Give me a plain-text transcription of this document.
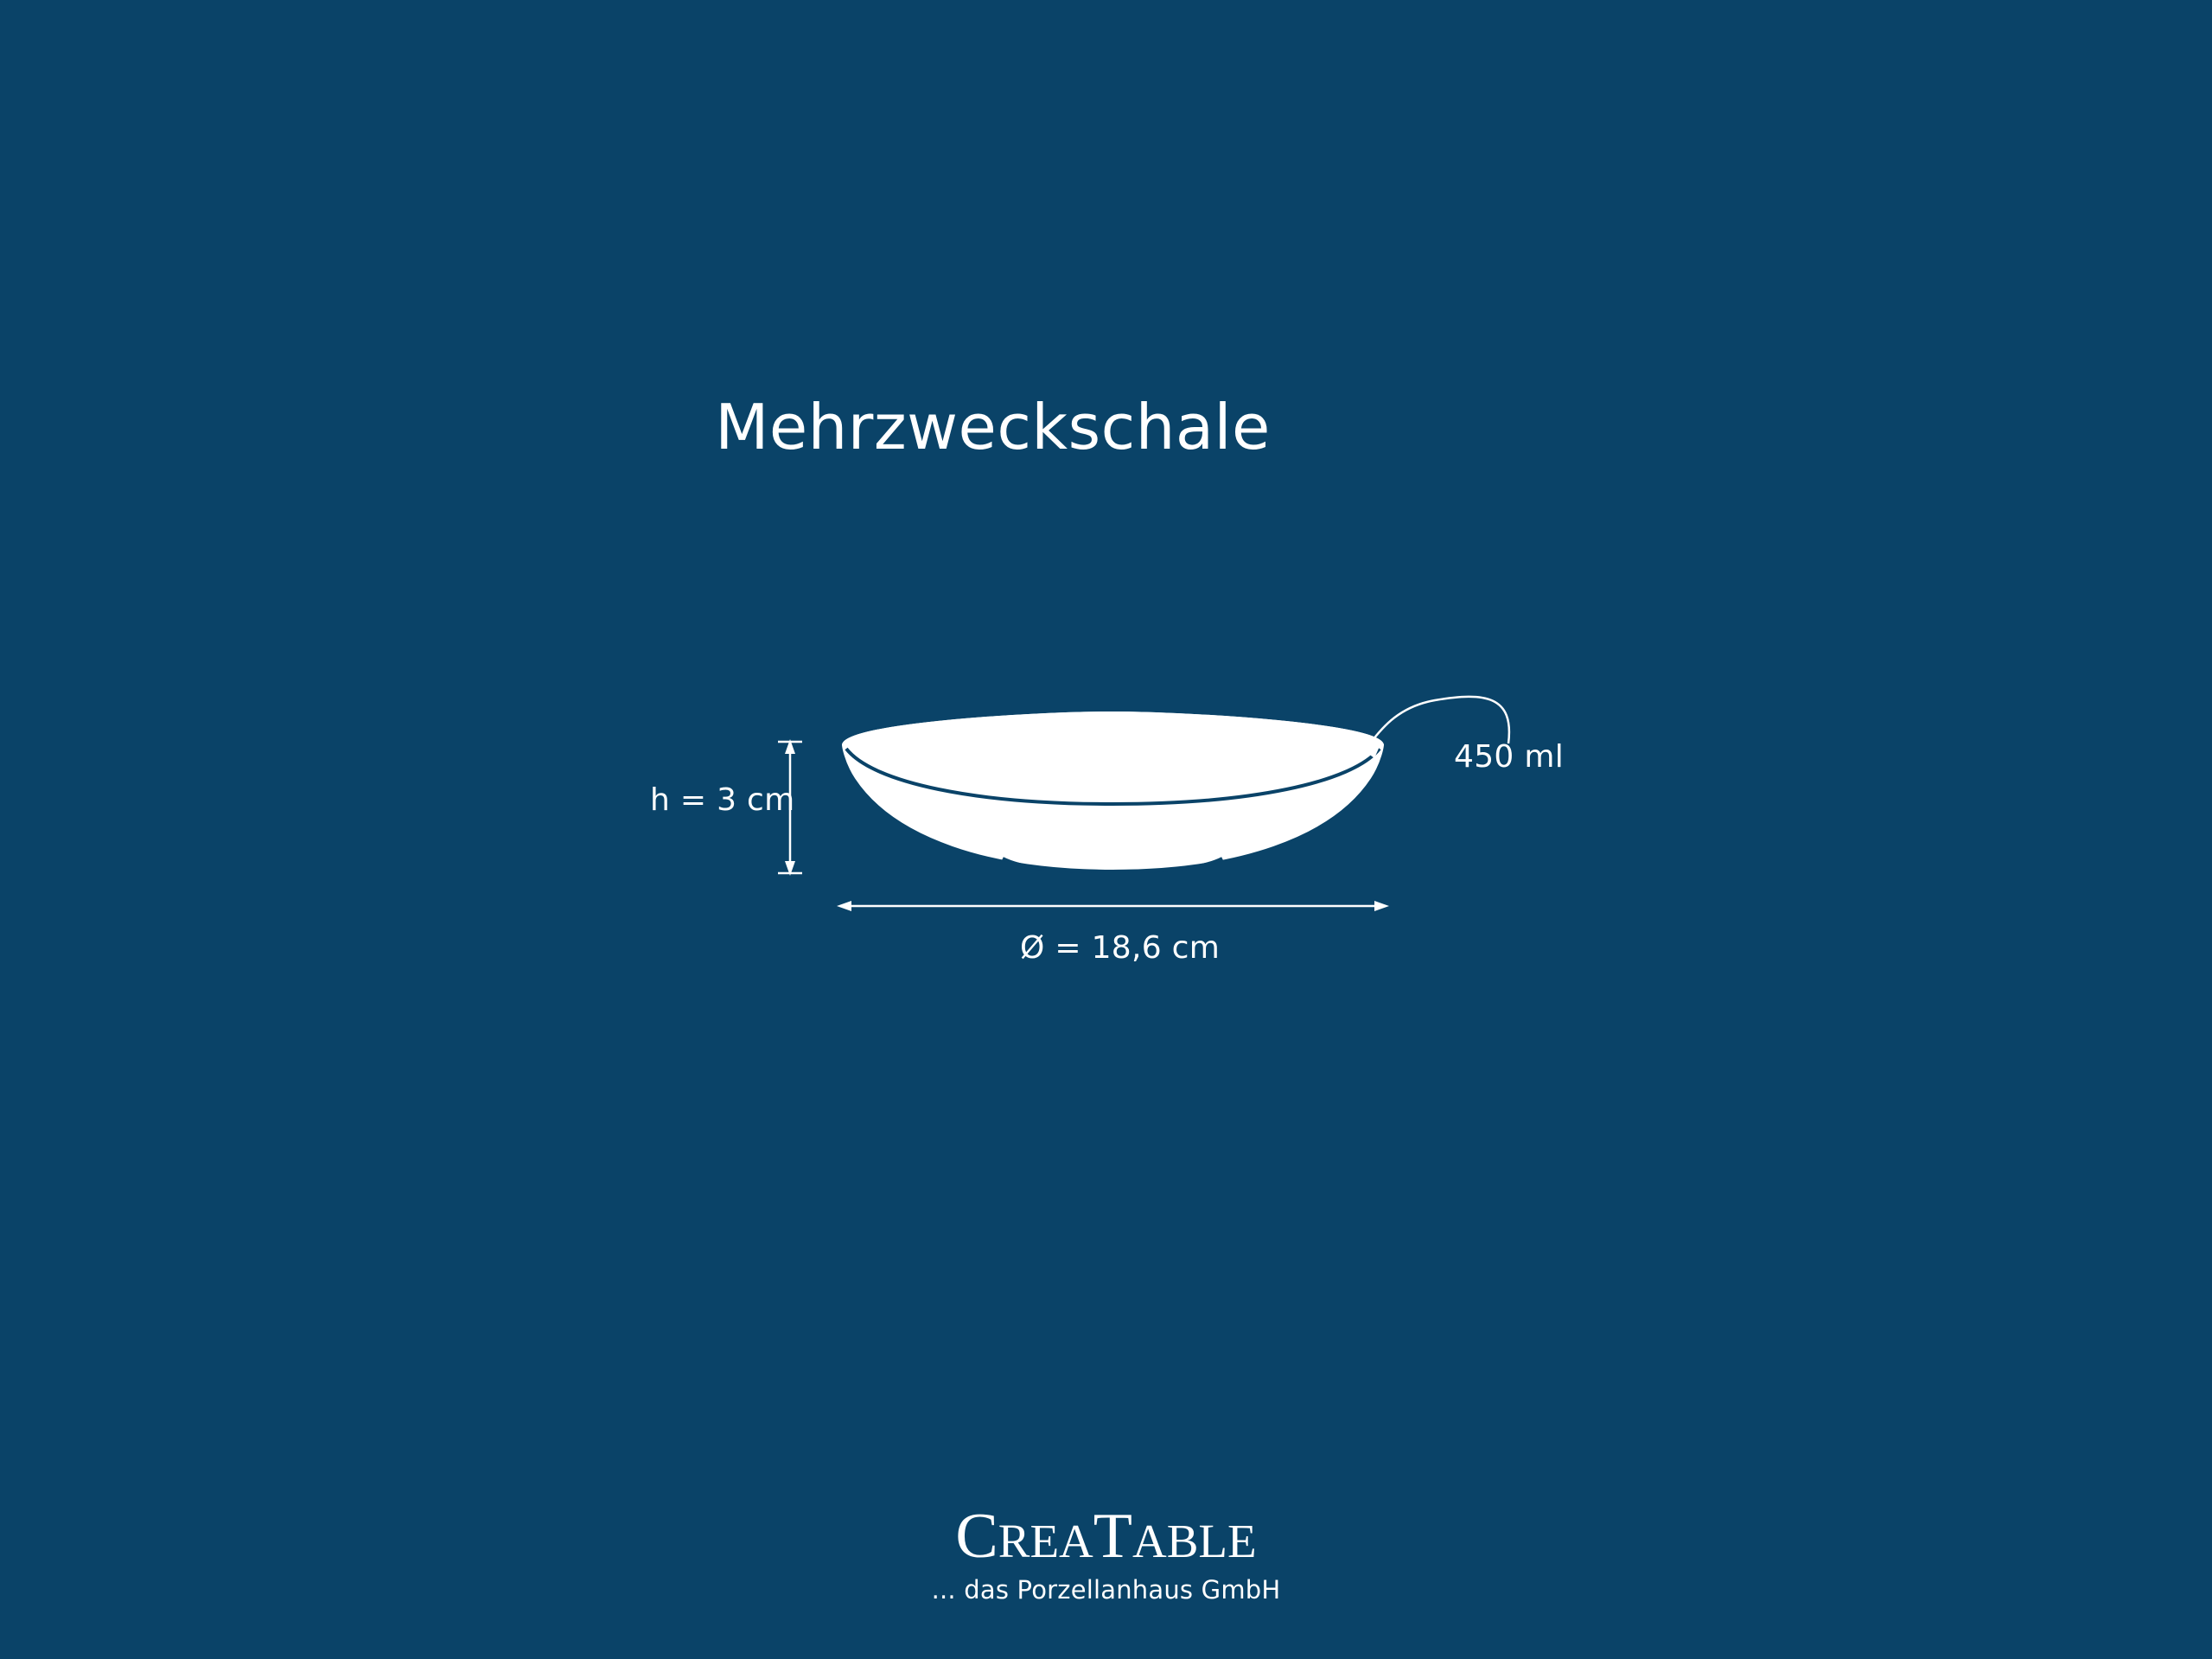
Mehrzweckschale
h = 3 cm
Ø = 18,6 cm
450 ml
CREATABLE
... das Porzellanhaus GmbH
